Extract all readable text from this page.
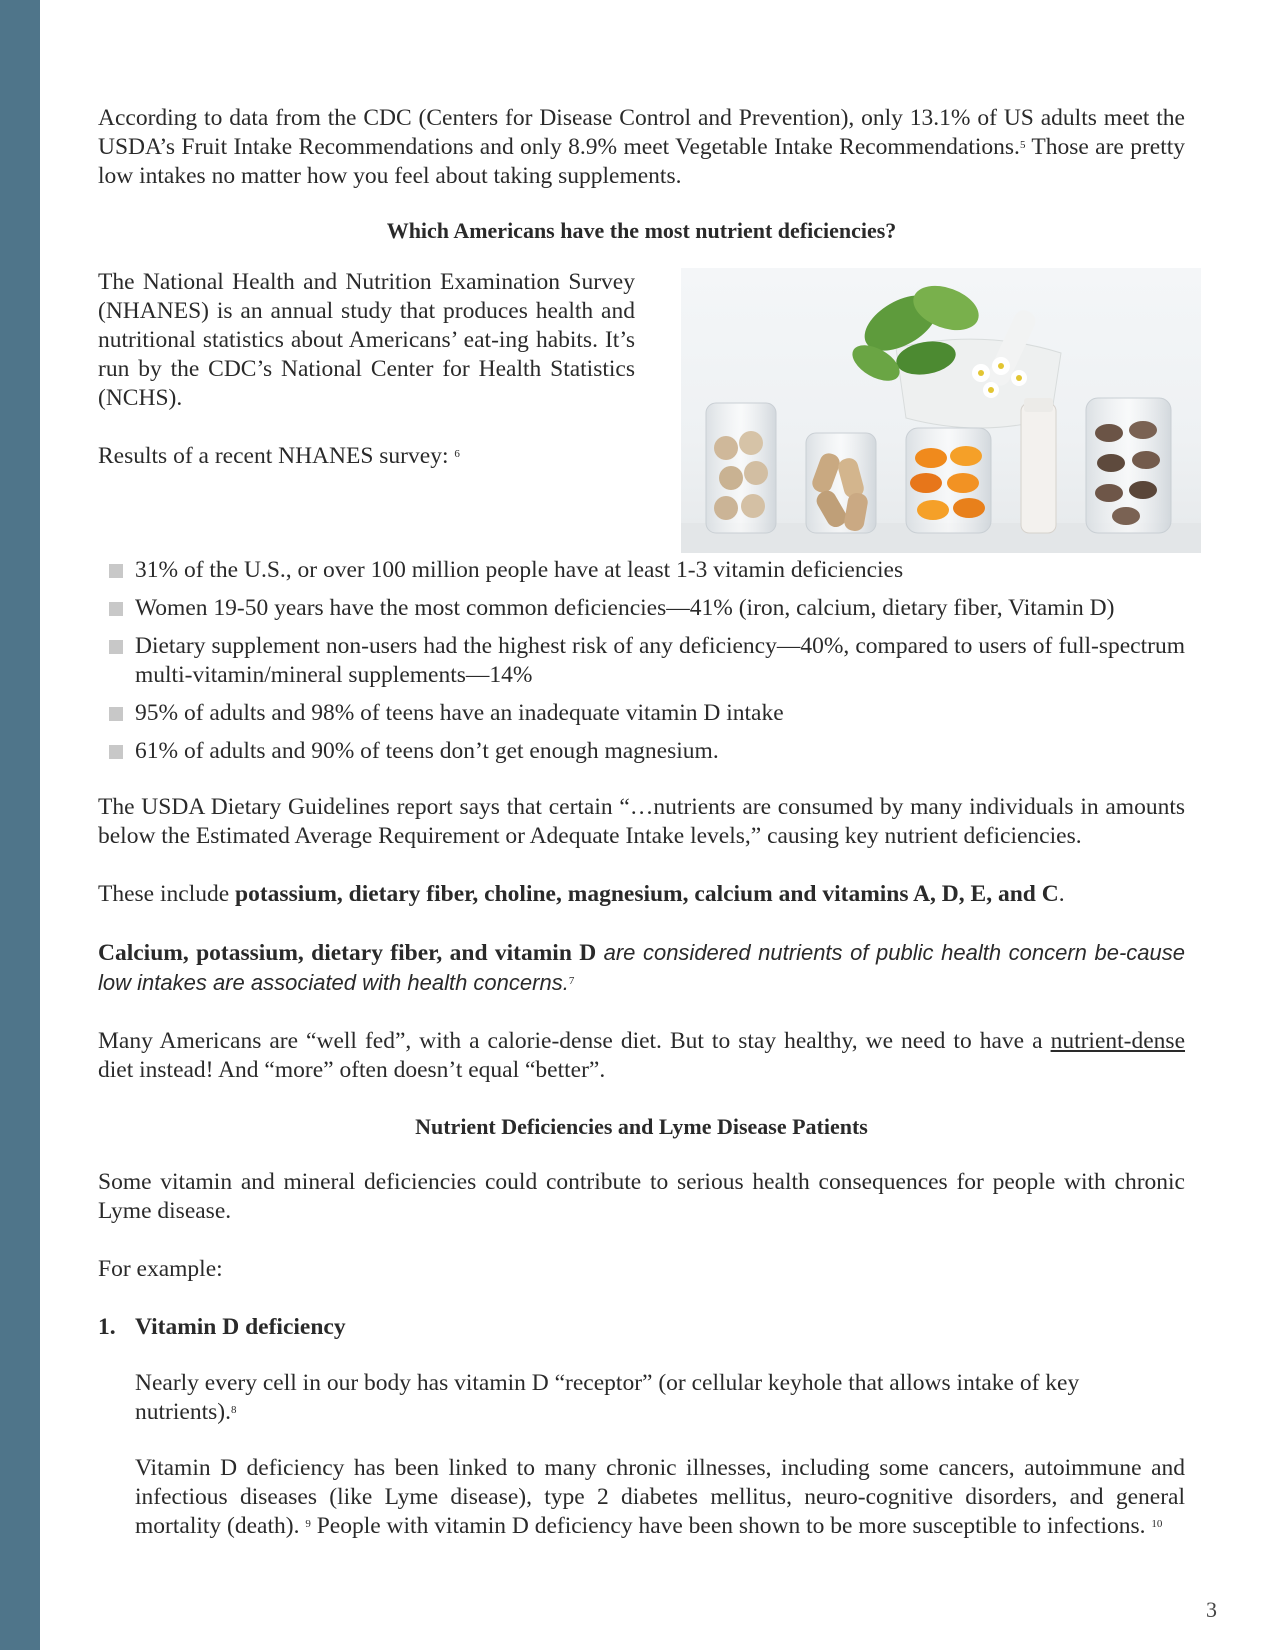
According to data from the CDC (Centers for Disease Control and Prevention), only 13.1% of US adults meet the USDA’s Fruit Intake Recommendations and only 8.9% meet Vegetable Intake Recommendations.$^5$ Those are pretty low intakes no matter how you feel about taking supplements.

Which Americans have the most nutrient deficiencies?

The National Health and Nutrition Examination Survey (NHANES) is an annual study that produces health and nutritional statistics about Americans’ eat-ing habits. It’s run by the CDC’s National Center for Health Statistics (NCHS).

Results of a recent NHANES survey: $^6$

31% of the U.S., or over 100 million people have at least 1-3 vitamin deficiencies
Women 19-50 years have the most common deficiencies—41% (iron, calcium, dietary fiber, Vitamin D)
Dietary supplement non-users had the highest risk of any deficiency—40%, compared to users of full-spectrum multi-vitamin/mineral supplements—14%
95% of adults and 98% of teens have an inadequate vitamin D intake
61% of adults and 90% of teens don’t get enough magnesium.

The USDA Dietary Guidelines report says that certain “…nutrients are consumed by many individuals in amounts below the Estimated Average Requirement or Adequate Intake levels,” causing key nutrient deficiencies.

These include potassium, dietary fiber, choline, magnesium, calcium and vitamins A, D, E, and C.

Calcium, potassium, dietary fiber, and vitamin D are considered nutrients of public health concern be-cause low intakes are associated with health concerns.$^7$

Many Americans are “well fed”, with a calorie-dense diet. But to stay healthy, we need to have a nutrient-dense diet instead! And “more” often doesn’t equal “better”.

Nutrient Deficiencies and Lyme Disease Patients

Some vitamin and mineral deficiencies could contribute to serious health consequences for people with chronic Lyme disease.

For example:

1. Vitamin D deficiency

Nearly every cell in our body has vitamin D “receptor” (or cellular keyhole that allows intake of key nutrients).$^8$

Vitamin D deficiency has been linked to many chronic illnesses, including some cancers, autoimmune and infectious diseases (like Lyme disease), type 2 diabetes mellitus, neuro-cognitive disorders, and general mortality (death). $^9$ People with vitamin D deficiency have been shown to be more susceptible to infections. $^{10}$

3
